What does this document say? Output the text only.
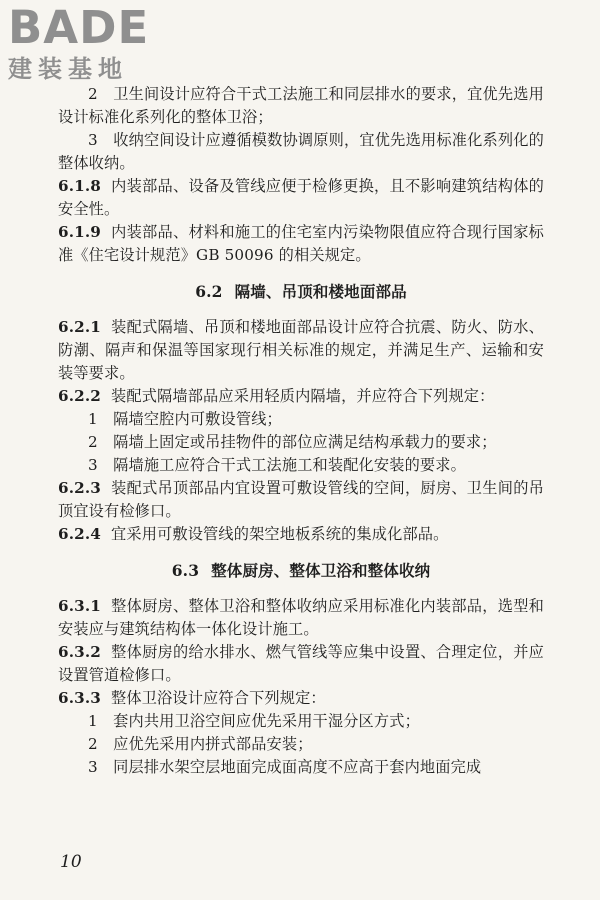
BADE
建装基地

2　卫生间设计应符合干式工法施工和同层排水的要求，宜优先选用设计标准化系列化的整体卫浴；

3　收纳空间设计应遵循模数协调原则，宜优先选用标准化系列化的整体收纳。

6.1.8 内装部品、设备及管线应便于检修更换，且不影响建筑结构体的安全性。

6.1.9 内装部品、材料和施工的住宅室内污染物限值应符合现行国家标准《住宅设计规范》GB 50096 的相关规定。

6.2 隔墙、吊顶和楼地面部品

6.2.1 装配式隔墙、吊顶和楼地面部品设计应符合抗震、防火、防水、防潮、隔声和保温等国家现行相关标准的规定，并满足生产、运输和安装等要求。

6.2.2 装配式隔墙部品应采用轻质内隔墙，并应符合下列规定：

1　隔墙空腔内可敷设管线；

2　隔墙上固定或吊挂物件的部位应满足结构承载力的要求；

3　隔墙施工应符合干式工法施工和装配化安装的要求。

6.2.3 装配式吊顶部品内宜设置可敷设管线的空间，厨房、卫生间的吊顶宜设有检修口。

6.2.4 宜采用可敷设管线的架空地板系统的集成化部品。

6.3 整体厨房、整体卫浴和整体收纳

6.3.1 整体厨房、整体卫浴和整体收纳应采用标准化内装部品，选型和安装应与建筑结构体一体化设计施工。

6.3.2 整体厨房的给水排水、燃气管线等应集中设置、合理定位，并应设置管道检修口。

6.3.3 整体卫浴设计应符合下列规定：

1　套内共用卫浴空间应优先采用干湿分区方式；

2　应优先采用内拼式部品安装；

3　同层排水架空层地面完成面高度不应高于套内地面完成

10
